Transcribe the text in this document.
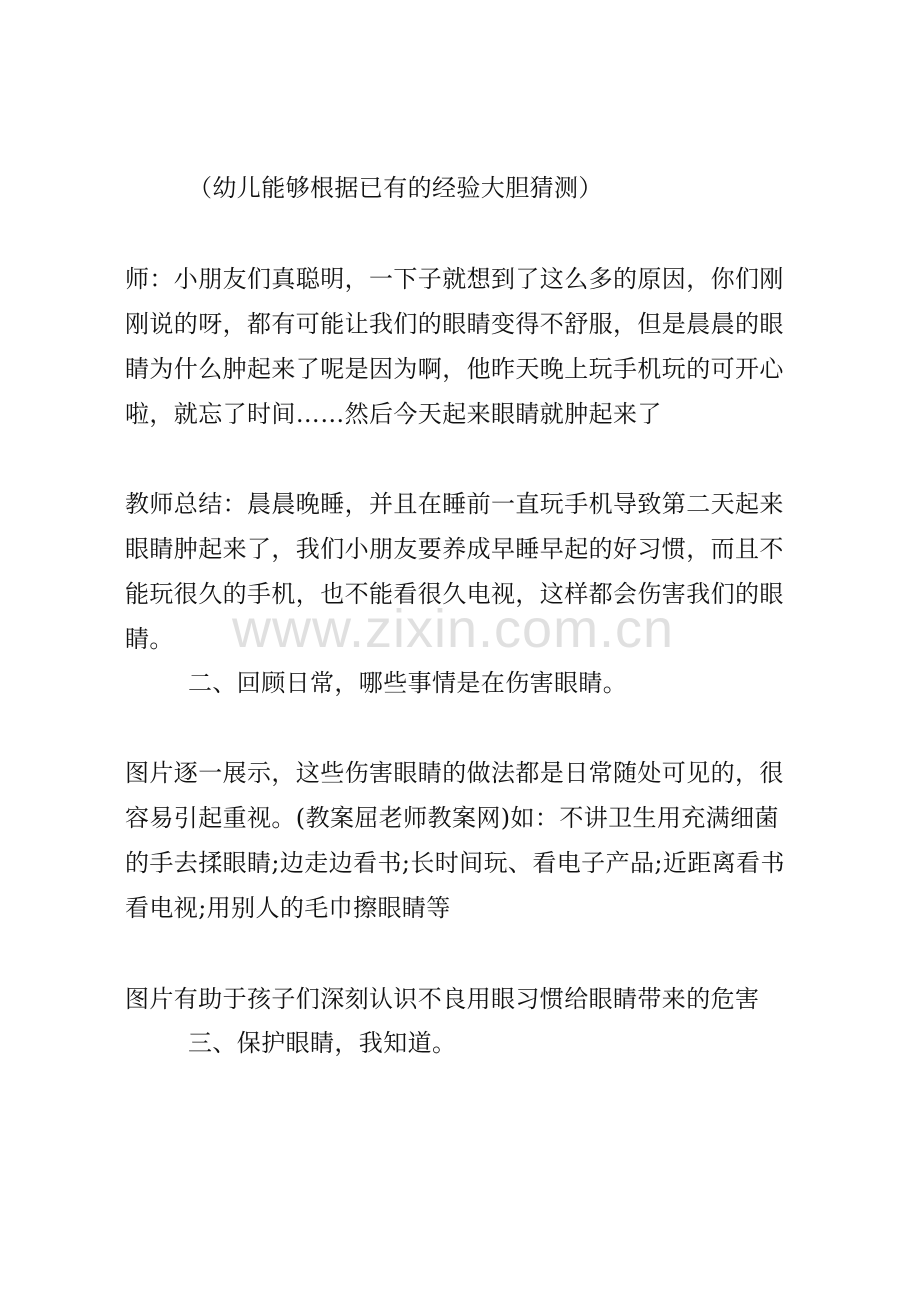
（幼儿能够根据已有的经验大胆猜测）

师：小朋友们真聪明，一下子就想到了这么多的原因，你们刚刚说的呀，都有可能让我们的眼睛变得不舒服，但是晨晨的眼睛为什么肿起来了呢是因为啊，他昨天晚上玩手机玩的可开心啦，就忘了时间……然后今天起来眼睛就肿起来了

教师总结：晨晨晚睡，并且在睡前一直玩手机导致第二天起来眼睛肿起来了，我们小朋友要养成早睡早起的好习惯，而且不能玩很久的手机，也不能看很久电视，这样都会伤害我们的眼睛。

二、回顾日常，哪些事情是在伤害眼睛。

图片逐一展示，这些伤害眼睛的做法都是日常随处可见的，很容易引起重视。(教案屈老师教案网)如：不讲卫生用充满细菌的手去揉眼睛;边走边看书;长时间玩、看电子产品;近距离看书看电视;用别人的毛巾擦眼睛等

图片有助于孩子们深刻认识不良用眼习惯给眼睛带来的危害

三、保护眼睛，我知道。

www.zixin.com.cn
